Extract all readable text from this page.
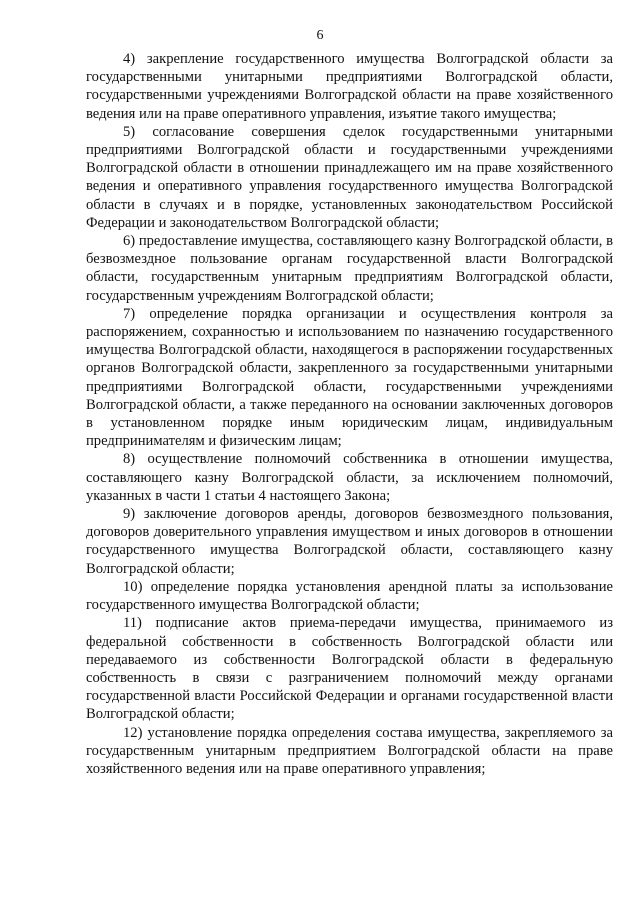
6

4) закрепление государственного имущества Волгоградской области за государственными унитарными предприятиями Волгоградской области, государственными учреждениями Волгоградской области на праве хозяйственного ведения или на праве оперативного управления, изъятие такого имущества;

5) согласование совершения сделок государственными унитарными предприятиями Волгоградской области и государственными учреждениями Волгоградской области в отношении принадлежащего им на праве хозяйственного ведения и оперативного управления государственного имущества Волгоградской области в случаях и в порядке, установленных законодательством Российской Федерации и законодательством Волгоградской области;

6) предоставление имущества, составляющего казну Волгоградской области, в безвозмездное пользование органам государственной власти Волгоградской области, государственным унитарным предприятиям Волгоградской области, государственным учреждениям Волгоградской области;

7) определение порядка организации и осуществления контроля за распоряжением, сохранностью и использованием по назначению государственного имущества Волгоградской области, находящегося в распоряжении государственных органов Волгоградской области, закрепленного за государственными унитарными предприятиями Волгоградской области, государственными учреждениями Волгоградской области, а также переданного на основании заключенных договоров в установленном порядке иным юридическим лицам, индивидуальным предпринимателям и физическим лицам;

8) осуществление полномочий собственника в отношении имущества, составляющего казну Волгоградской области, за исключением полномочий, указанных в части 1 статьи 4 настоящего Закона;

9) заключение договоров аренды, договоров безвозмездного пользования, договоров доверительного управления имуществом и иных договоров в отношении государственного имущества Волгоградской области, составляющего казну Волгоградской области;

10) определение порядка установления арендной платы за использование государственного имущества Волгоградской области;

11) подписание актов приема-передачи имущества, принимаемого из федеральной собственности в собственность Волгоградской области или передаваемого из собственности Волгоградской области в федеральную собственность в связи с разграничением полномочий между органами государственной власти Российской Федерации и органами государственной власти Волгоградской области;

12) установление порядка определения состава имущества, закрепляемого за государственным унитарным предприятием Волгоградской области на праве хозяйственного ведения или на праве оперативного управления;
